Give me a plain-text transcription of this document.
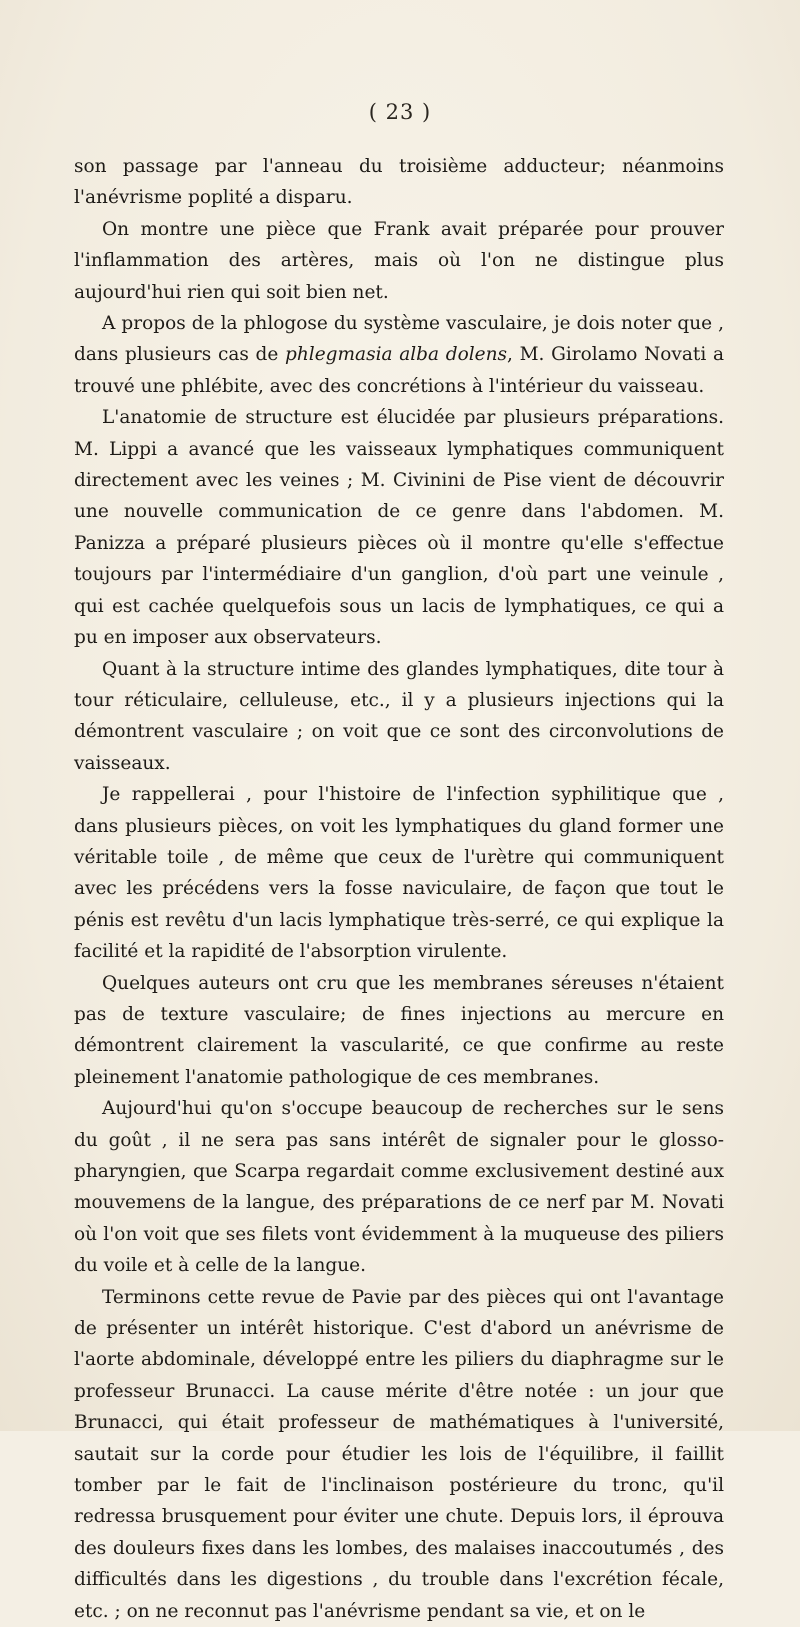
( 23 )

son passage par l'anneau du troisième adducteur; néanmoins l'anévrisme poplité a disparu.

On montre une pièce que Frank avait préparée pour prouver l'inflammation des artères, mais où l'on ne distingue plus aujourd'hui rien qui soit bien net.

A propos de la phlogose du système vasculaire, je dois noter que , dans plusieurs cas de phlegmasia alba dolens, M. Girolamo Novati a trouvé une phlébite, avec des concrétions à l'intérieur du vaisseau.

L'anatomie de structure est élucidée par plusieurs préparations. M. Lippi a avancé que les vaisseaux lymphatiques communiquent directement avec les veines ; M. Civinini de Pise vient de découvrir une nouvelle communication de ce genre dans l'abdomen. M. Panizza a préparé plusieurs pièces où il montre qu'elle s'effectue toujours par l'intermédiaire d'un ganglion, d'où part une veinule , qui est cachée quelquefois sous un lacis de lymphatiques, ce qui a pu en imposer aux observateurs.

Quant à la structure intime des glandes lymphatiques, dite tour à tour réticulaire, celluleuse, etc., il y a plusieurs injections qui la démontrent vasculaire ; on voit que ce sont des circonvolutions de vaisseaux.

Je rappellerai , pour l'histoire de l'infection syphilitique que , dans plusieurs pièces, on voit les lymphatiques du gland former une véritable toile , de même que ceux de l'urètre qui communiquent avec les précédens vers la fosse naviculaire, de façon que tout le pénis est revêtu d'un lacis lymphatique très-serré, ce qui explique la facilité et la rapidité de l'absorption virulente.

Quelques auteurs ont cru que les membranes séreuses n'étaient pas de texture vasculaire; de fines injections au mercure en démontrent clairement la vascularité, ce que confirme au reste pleinement l'anatomie pathologique de ces membranes.

Aujourd'hui qu'on s'occupe beaucoup de recherches sur le sens du goût , il ne sera pas sans intérêt de signaler pour le glosso-pharyngien, que Scarpa regardait comme exclusivement destiné aux mouvemens de la langue, des préparations de ce nerf par M. Novati où l'on voit que ses filets vont évidemment à la muqueuse des piliers du voile et à celle de la langue.

Terminons cette revue de Pavie par des pièces qui ont l'avantage de présenter un intérêt historique. C'est d'abord un anévrisme de l'aorte abdominale, développé entre les piliers du diaphragme sur le professeur Brunacci. La cause mérite d'être notée : un jour que Brunacci, qui était professeur de mathématiques à l'université, sautait sur la corde pour étudier les lois de l'équilibre, il faillit tomber par le fait de l'inclinaison postérieure du tronc, qu'il redressa brusquement pour éviter une chute. Depuis lors, il éprouva des douleurs fixes dans les lombes, des malaises inaccoutumés , des difficultés dans les digestions , du trouble dans l'excrétion fécale, etc. ; on ne reconnut pas l'anévrisme pendant sa vie, et on le
